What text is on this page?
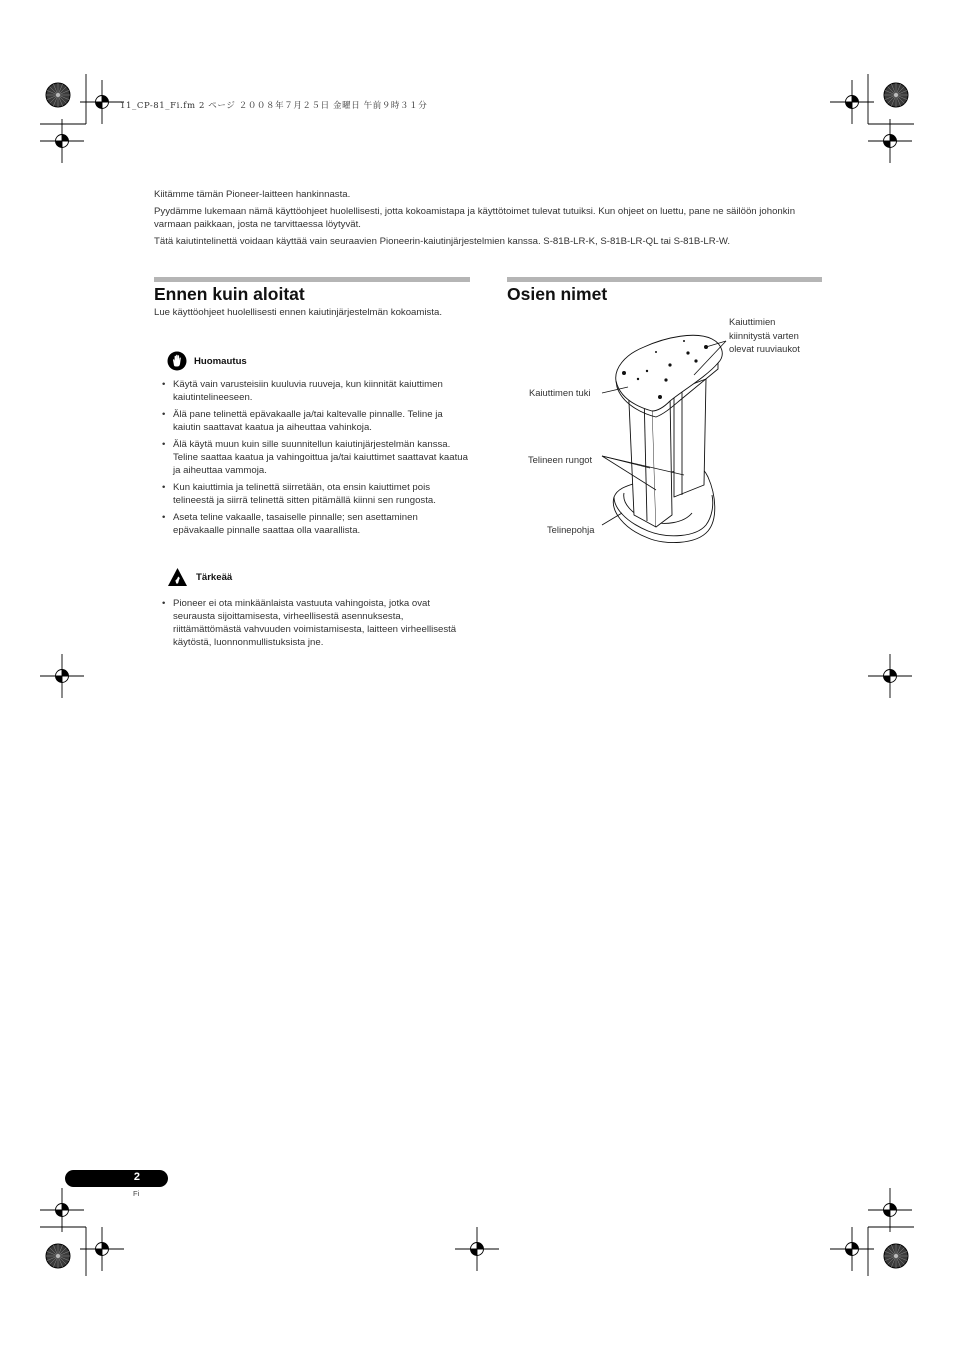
11_CP-81_Fi.fm 2 ページ ２００８年７月２５日 金曜日 午前９時３１分

Kiitämme tämän Pioneer-laitteen hankinnasta.

Pyydämme lukemaan nämä käyttöohjeet huolellisesti, jotta kokoamistapa ja käyttötoimet tulevat tutuiksi. Kun ohjeet on luettu, pane ne säilöön johonkin varmaan paikkaan, josta ne tarvittaessa löytyvät.

Tätä kaiutintelinettä voidaan käyttää vain seuraavien Pioneerin-kaiutinjärjestelmien kanssa. S-81B-LR-K, S-81B-LR-QL tai S-81B-LR-W.

Ennen kuin aloitat
Lue käyttöohjeet huolellisesti ennen kaiutinjärjestelmän kokoamista.
Huomautus
• Käytä vain varusteisiin kuuluvia ruuveja, kun kiinnität kaiuttimen kaiutintelineeseen.
• Älä pane telinettä epävakaalle ja/tai kaltevalle pinnalle. Teline ja kaiutin saattavat kaatua ja aiheuttaa vahinkoja.
• Älä käytä muun kuin sille suunnitellun kaiutinjärjestelmän kanssa. Teline saattaa kaatua ja vahingoittua ja/tai kaiuttimet saattavat kaatua ja aiheuttaa vammoja.
• Kun kaiuttimia ja telinettä siirretään, ota ensin kaiuttimet pois telineestä ja siirrä telinettä sitten pitämällä kiinni sen rungosta.
• Aseta teline vakaalle, tasaiselle pinnalle; sen asettaminen epävakaalle pinnalle saattaa olla vaarallista.
Tärkeää
• Pioneer ei ota minkäänlaista vastuuta vahingoista, jotka ovat seurausta sijoittamisesta, virheellisestä asennuksesta, riittämättömästä vahvuuden voimistamisesta, laitteen virheellisestä käytöstä, luonnonmullistuksista jne.
Osien nimet
Kaiuttimien
kiinnitystä varten
olevat ruuviaukot
Kaiuttimen tuki
Telineen rungot
Telinepohja
2
Fi
